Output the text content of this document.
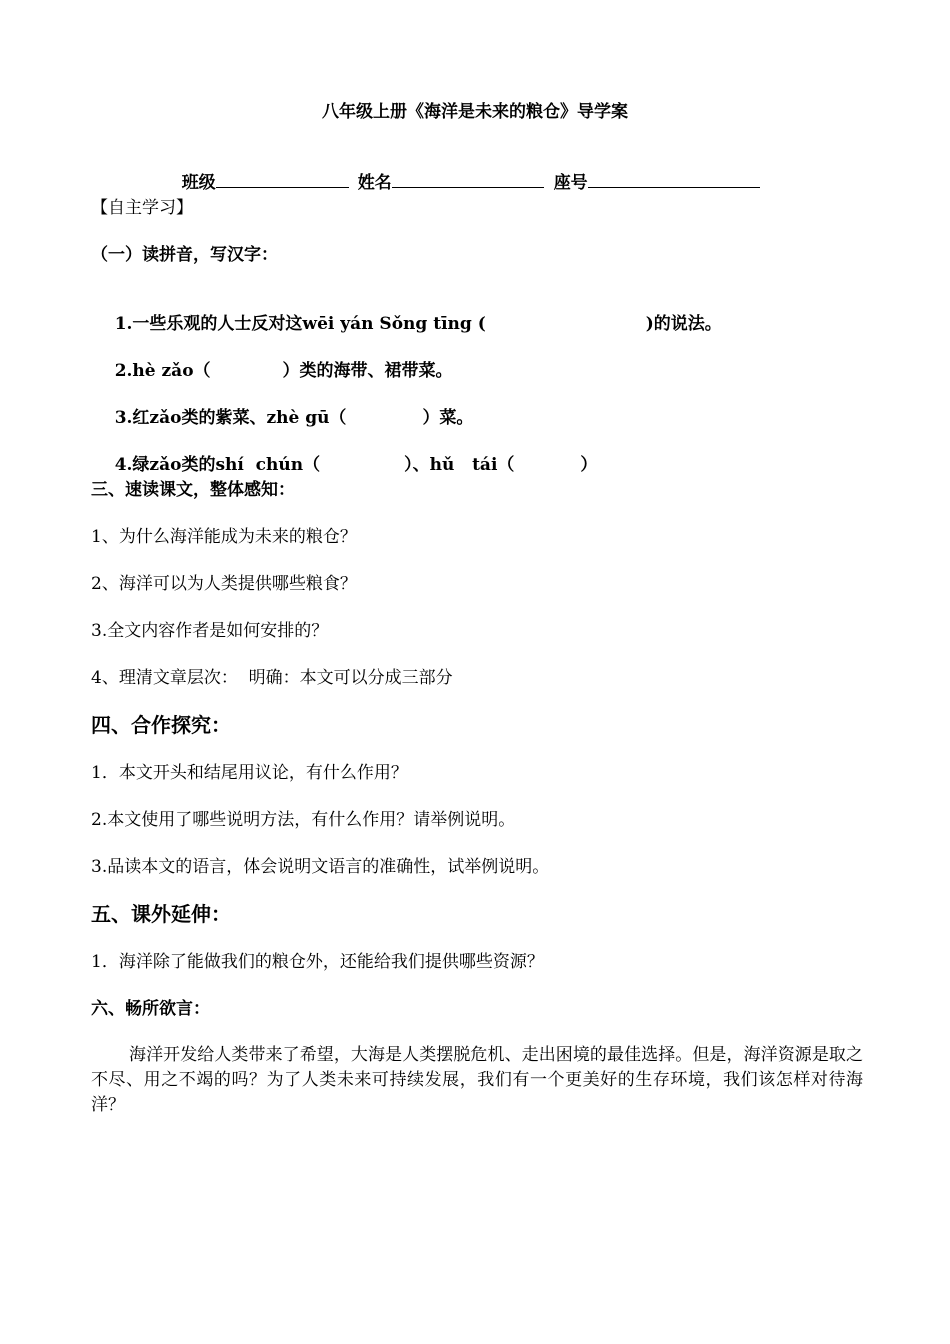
八年级上册《海洋是未来的粮仓》导学案

班级	姓名	座号

【自主学习】
（一）读拼音，写汉字：

1.一些乐观的人士反对这wēi yán Sǒng tīng (	)的说法。

2.hè zǎo（	）类的海带、裙带菜。

3.红zǎo类的紫菜、zhè gū（	）菜。

4.绿zǎo类的shí  chún（	）、hǔ   tái（	）

三、速读课文，整体感知：
1、为什么海洋能成为未来的粮仓？
2、海洋可以为人类提供哪些粮食？
3.全文内容作者是如何安排的？
4、理清文章层次：  明确：本文可以分成三部分
四、合作探究：
1．本文开头和结尾用议论，有什么作用？
2.本文使用了哪些说明方法，有什么作用？请举例说明。
3.品读本文的语言，体会说明文语言的准确性，试举例说明。
五、课外延伸：
1．海洋除了能做我们的粮仓外，还能给我们提供哪些资源？
六、畅所欲言：
海洋开发给人类带来了希望，大海是人类摆脱危机、走出困境的最佳选择。但是，海洋资源是取之不尽、用之不竭的吗？为了人类未来可持续发展，我们有一个更美好的生存环境，我们该怎样对待海洋？
